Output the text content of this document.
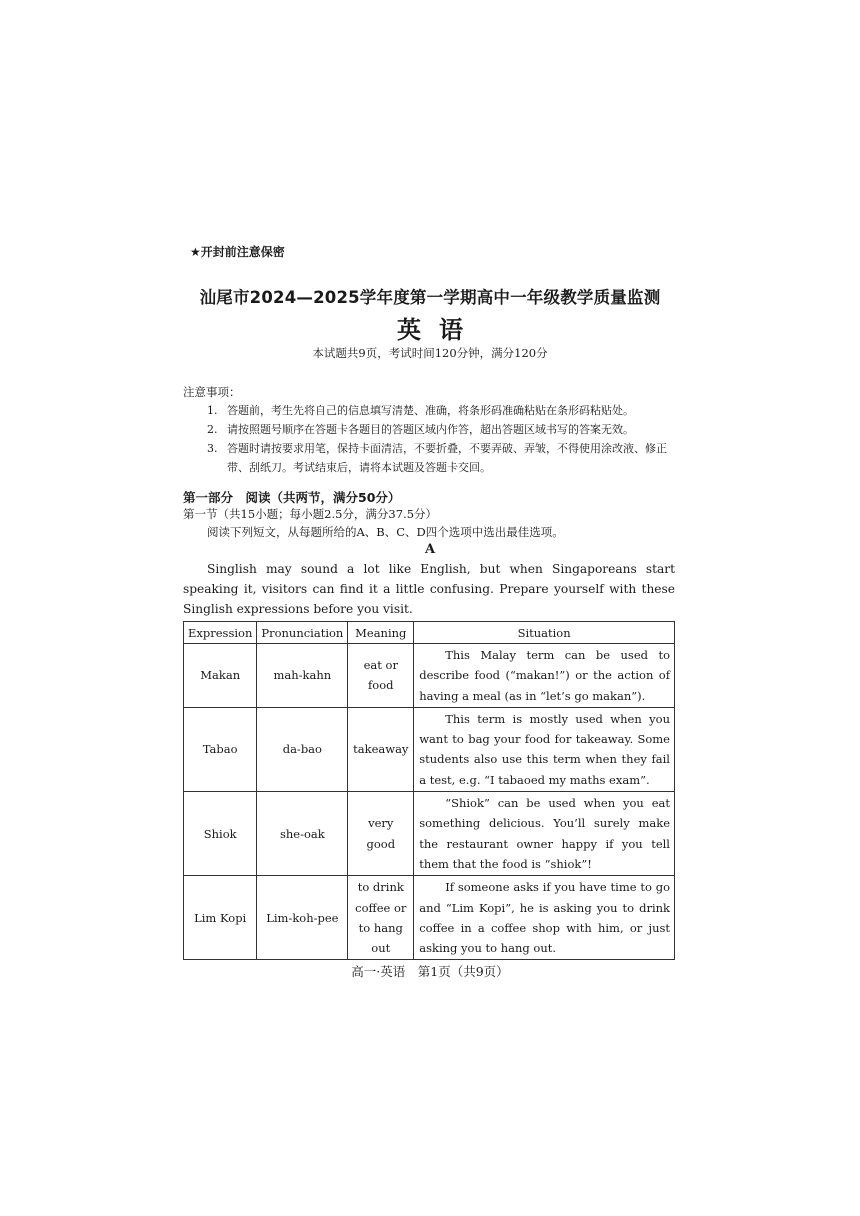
★开封前注意保密
汕尾市2024—2025学年度第一学期高中一年级教学质量监测
英语
本试题共9页，考试时间120分钟，满分120分
注意事项：
1. 答题前，考生先将自己的信息填写清楚、准确，将条形码准确粘贴在条形码粘贴处。
2. 请按照题号顺序在答题卡各题目的答题区域内作答，超出答题区域书写的答案无效。
3. 答题时请按要求用笔，保持卡面清洁，不要折叠，不要弄破、弄皱，不得使用涂改液、修正带、刮纸刀。考试结束后，请将本试题及答题卡交回。
第一部分　阅读（共两节，满分50分）
第一节（共15小题；每小题2.5分，满分37.5分）
阅读下列短文，从每题所给的A、B、C、D四个选项中选出最佳选项。
A

Singlish may sound a lot like English, but when Singaporeans start speaking it, visitors can find it a little confusing. Prepare yourself with these Singlish expressions before you visit.

Expression	Pronunciation	Meaning	Situation
Makan	mah-kahn	eat or food	This Malay term can be used to describe food (“makan!”) or the action of having a meal (as in “let’s go makan”).
Tabao	da-bao	takeaway	This term is mostly used when you want to bag your food for takeaway. Some students also use this term when they fail a test, e.g. “I tabaoed my maths exam”.
Shiok	she-oak	very good	“Shiok” can be used when you eat something delicious. You’ll surely make the restaurant owner happy if you tell them that the food is “shiok”!
Lim Kopi	Lim-koh-pee	to drink coffee or to hang out	If someone asks if you have time to go and “Lim Kopi”, he is asking you to drink coffee in a coffee shop with him, or just asking you to hang out.
高一·英语　第1页（共9页）
